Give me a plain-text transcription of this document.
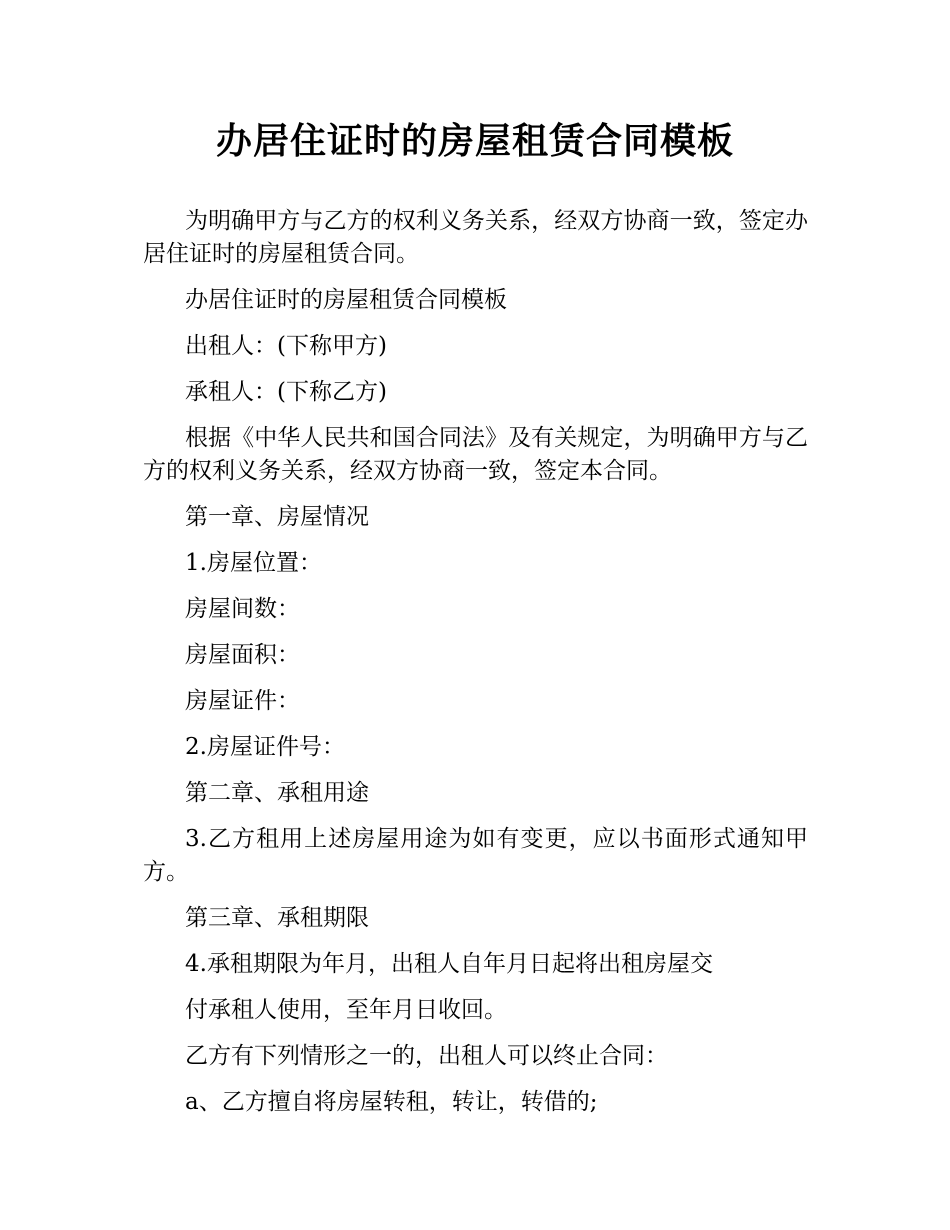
办居住证时的房屋租赁合同模板

为明确甲方与乙方的权利义务关系，经双方协商一致，签定办居住证时的房屋租赁合同。

办居住证时的房屋租赁合同模板

出租人：(下称甲方)

承租人：(下称乙方)

根据《中华人民共和国合同法》及有关规定，为明确甲方与乙方的权利义务关系，经双方协商一致，签定本合同。

第一章、房屋情况

1.房屋位置：

房屋间数：

房屋面积：

房屋证件：

2.房屋证件号：

第二章、承租用途

3.乙方租用上述房屋用途为如有变更，应以书面形式通知甲方。

第三章、承租期限

4.承租期限为年月，出租人自年月日起将出租房屋交

付承租人使用，至年月日收回。

乙方有下列情形之一的，出租人可以终止合同：

a、乙方擅自将房屋转租，转让，转借的;
